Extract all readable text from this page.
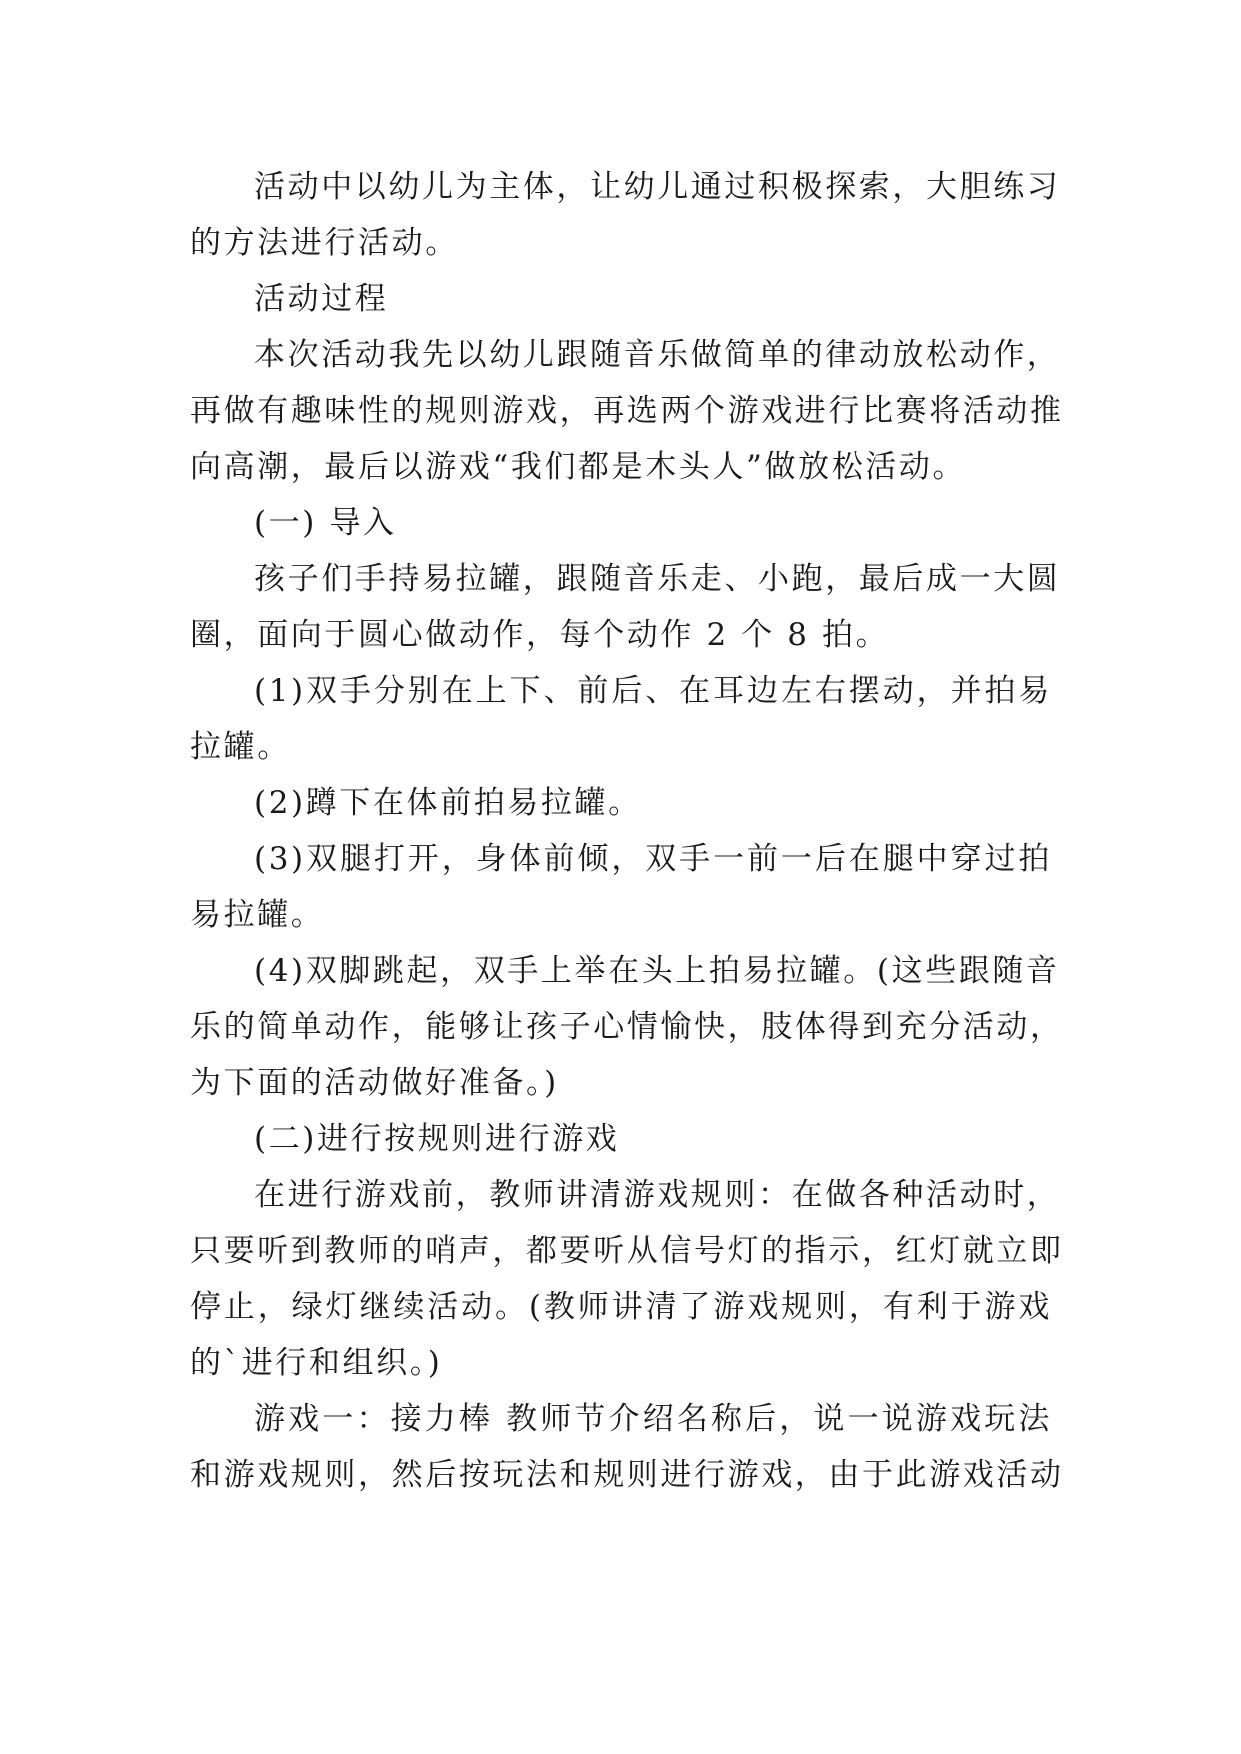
活动中以幼儿为主体，让幼儿通过积极探索，大胆练习
的方法进行活动。
活动过程
本次活动我先以幼儿跟随音乐做简单的律动放松动作，
再做有趣味性的规则游戏，再选两个游戏进行比赛将活动推
向高潮，最后以游戏“我们都是木头人”做放松活动。
(一) 导入
孩子们手持易拉罐，跟随音乐走、小跑，最后成一大圆
圈，面向于圆心做动作，每个动作 2 个 8 拍。
(1)双手分别在上下、前后、在耳边左右摆动，并拍易
拉罐。
(2)蹲下在体前拍易拉罐。
(3)双腿打开，身体前倾，双手一前一后在腿中穿过拍
易拉罐。
(4)双脚跳起，双手上举在头上拍易拉罐。(这些跟随音
乐的简单动作，能够让孩子心情愉快，肢体得到充分活动，
为下面的活动做好准备。)
(二)进行按规则进行游戏
在进行游戏前，教师讲清游戏规则：在做各种活动时，
只要听到教师的哨声，都要听从信号灯的指示，红灯就立即
停止，绿灯继续活动。(教师讲清了游戏规则，有利于游戏
的`进行和组织。)
游戏一：接力棒 教师节介绍名称后，说一说游戏玩法
和游戏规则，然后按玩法和规则进行游戏，由于此游戏活动
